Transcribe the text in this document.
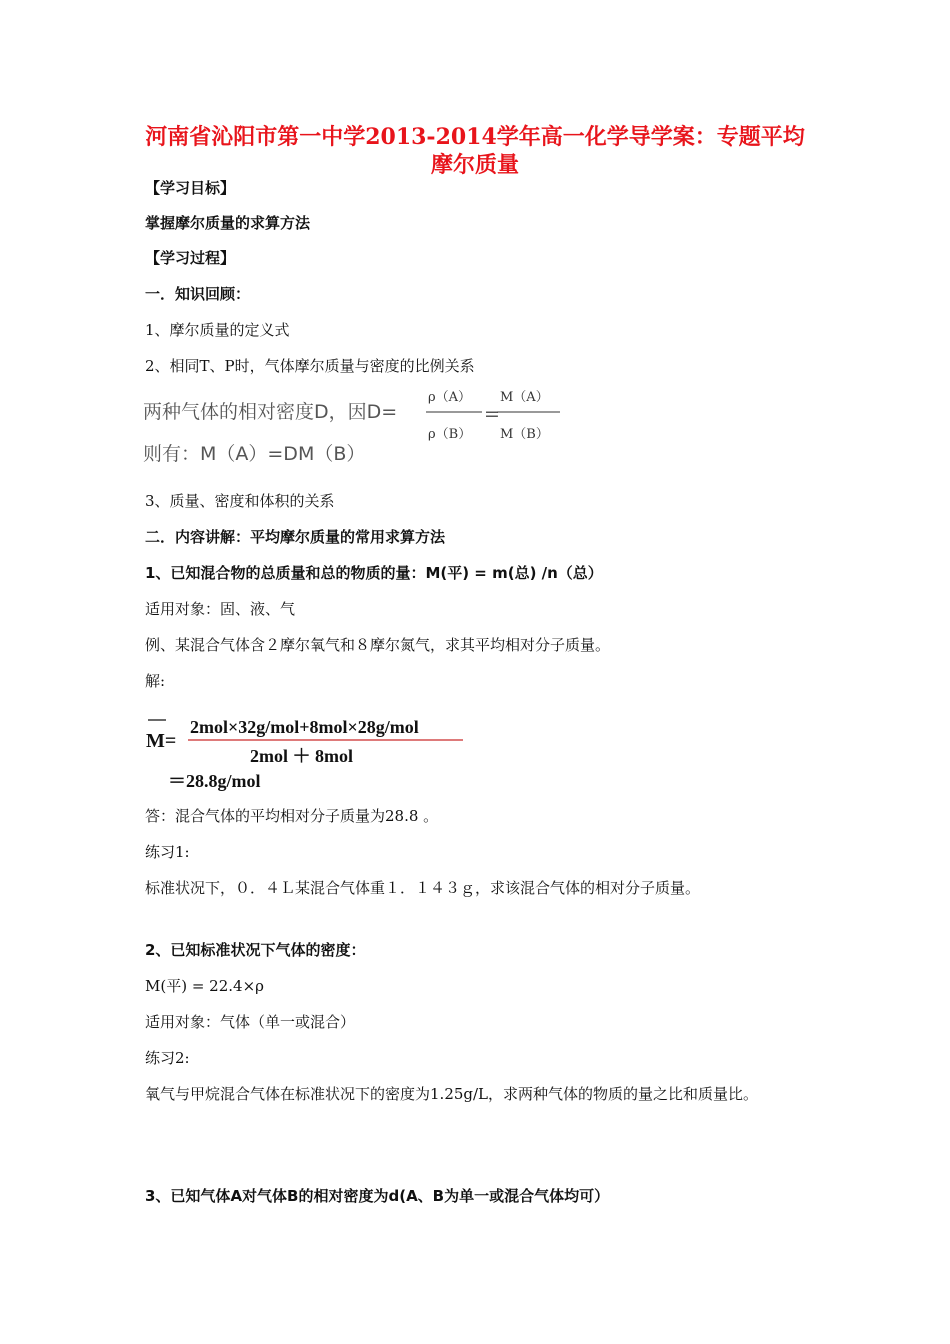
河南省沁阳市第一中学2013-2014学年高一化学导学案：专题平均
摩尔质量
【学习目标】
掌握摩尔质量的求算方法
【学习过程】
一．知识回顾：
1、摩尔质量的定义式
2、相同T、P时，气体摩尔质量与密度的比例关系
两种气体的相对密度D，因D=
ρ（A）
ρ（B）
=
M（A）
M（B）
则有：M（A）=DM（B）
3、质量、密度和体积的关系
二．内容讲解：平均摩尔质量的常用求算方法
1、已知混合物的总质量和总的物质的量：M(平) = m(总) /n（总）
适用对象：固、液、气
例、某混合气体含２摩尔氧气和８摩尔氮气，求其平均相对分子质量。
解:
M=
2mol×32g/mol+8mol×28g/mol
2mol ＋ 8mol
＝28.8g/mol
答：混合气体的平均相对分子质量为28.8 。
练习1:
标准状况下，０．４Ｌ某混合气体重１．１４３ｇ，求该混合气体的相对分子质量。
2、已知标准状况下气体的密度：
M(平) = 22.4×ρ
适用对象：气体（单一或混合）
练习2:
氧气与甲烷混合气体在标准状况下的密度为1.25g/L，求两种气体的物质的量之比和质量比。
3、已知气体A对气体B的相对密度为d(A、B为单一或混合气体均可）
